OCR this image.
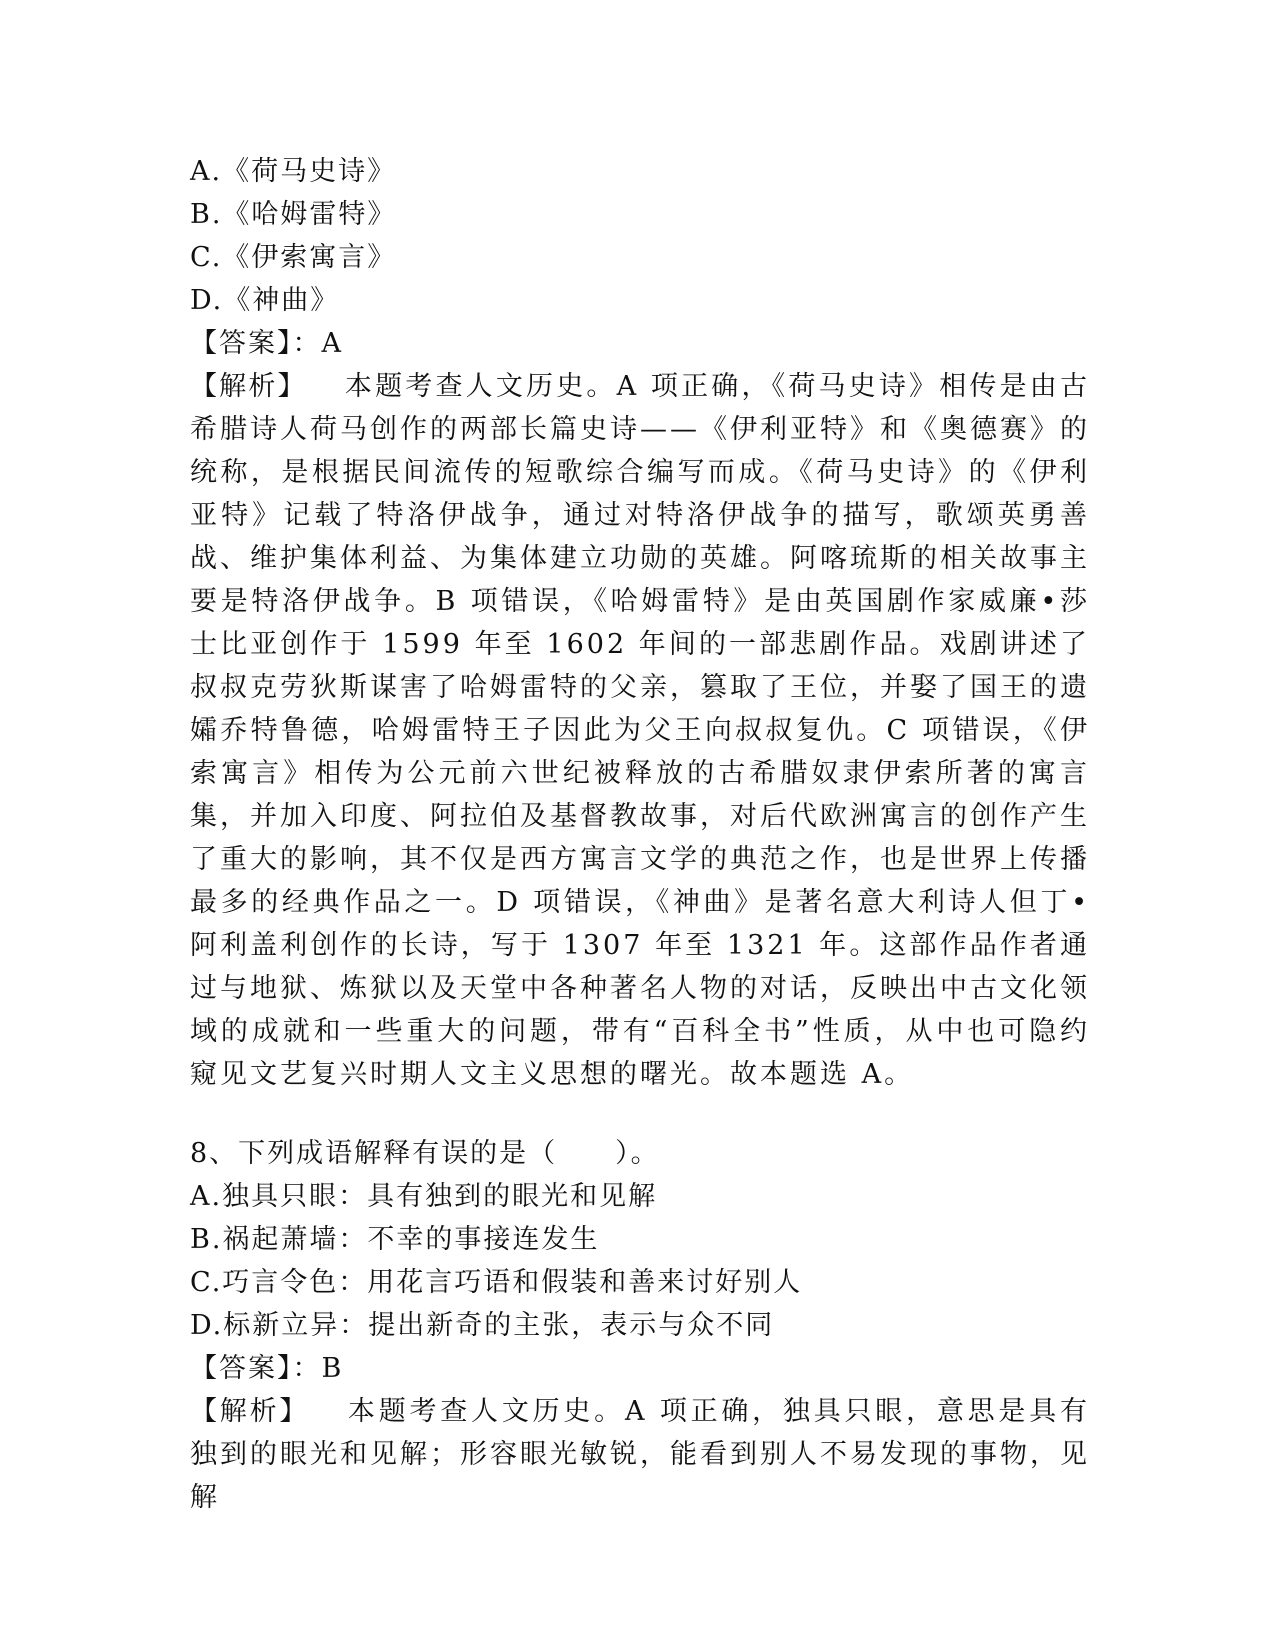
A.《荷马史诗》

B.《哈姆雷特》

C.《伊索寓言》

D.《神曲》

【答案】：A

【解析】 本题考查人文历史。A 项正确，《荷马史诗》相传是由古希腊诗人荷马创作的两部长篇史诗——《伊利亚特》和《奥德赛》的统称，是根据民间流传的短歌综合编写而成。《荷马史诗》的《伊利亚特》记载了特洛伊战争，通过对特洛伊战争的描写，歌颂英勇善战、维护集体利益、为集体建立功勋的英雄。阿喀琉斯的相关故事主要是特洛伊战争。B 项错误，《哈姆雷特》是由英国剧作家威廉•莎士比亚创作于 1599 年至 1602 年间的一部悲剧作品。戏剧讲述了叔叔克劳狄斯谋害了哈姆雷特的父亲，篡取了王位，并娶了国王的遗孀乔特鲁德，哈姆雷特王子因此为父王向叔叔复仇。C 项错误，《伊索寓言》相传为公元前六世纪被释放的古希腊奴隶伊索所著的寓言集，并加入印度、阿拉伯及基督教故事，对后代欧洲寓言的创作产生了重大的影响，其不仅是西方寓言文学的典范之作，也是世界上传播最多的经典作品之一。D 项错误，《神曲》是著名意大利诗人但丁•阿利盖利创作的长诗，写于 1307 年至 1321 年。这部作品作者通过与地狱、炼狱以及天堂中各种著名人物的对话，反映出中古文化领域的成就和一些重大的问题，带有“百科全书”性质，从中也可隐约窥见文艺复兴时期人文主义思想的曙光。故本题选 A。

8、下列成语解释有误的是（　　）。

A.独具只眼：具有独到的眼光和见解

B.祸起萧墙：不幸的事接连发生

C.巧言令色：用花言巧语和假装和善来讨好别人

D.标新立异：提出新奇的主张，表示与众不同

【答案】：B

【解析】 本题考查人文历史。A 项正确，独具只眼，意思是具有独到的眼光和见解；形容眼光敏锐，能看到别人不易发现的事物，见解
